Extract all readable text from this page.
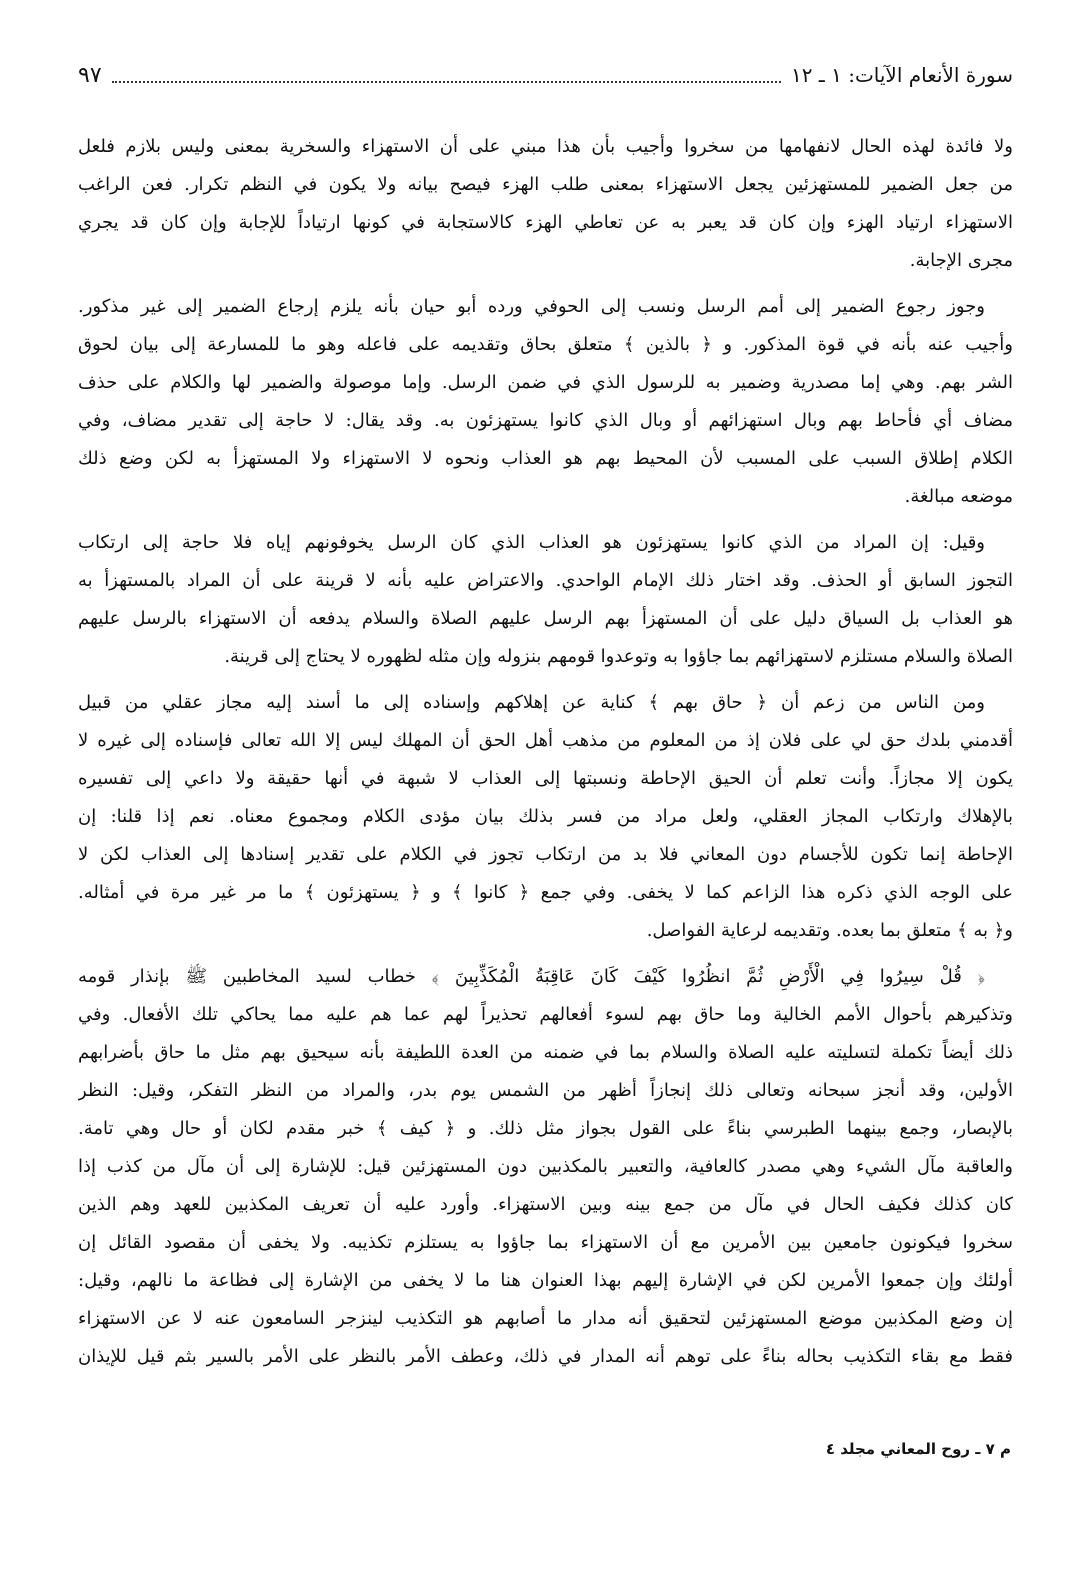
سورة الأنعام الآيات: ١ ـ ١٢
٩٧
ولا فائدة لهذه الحال لانفهامها من سخروا وأجيب بأن هذا مبني على أن الاستهزاء والسخرية بمعنى وليس بلازم فلعل
من جعل الضمير للمستهزئين يجعل الاستهزاء بمعنى طلب الهزء فيصح بيانه ولا يكون في النظم تكرار. فعن الراغب
الاستهزاء ارتياد الهزء وإن كان قد يعبر به عن تعاطي الهزء كالاستجابة في كونها ارتياداً للإجابة وإن كان قد يجري
مجرى الإجابة.
وجوز رجوع الضمير إلى أمم الرسل ونسب إلى الحوفي ورده أبو حيان بأنه يلزم إرجاع الضمير إلى غير مذكور.
وأجيب عنه بأنه في قوة المذكور. و ﴿ بالذين ﴾ متعلق بحاق وتقديمه على فاعله وهو ما للمسارعة إلى بيان لحوق
الشر بهم. وهي إما مصدرية وضمير به للرسول الذي في ضمن الرسل. وإما موصولة والضمير لها والكلام على حذف
مضاف أي فأحاط بهم وبال استهزائهم أو وبال الذي كانوا يستهزئون به. وقد يقال: لا حاجة إلى تقدير مضاف، وفي
الكلام إطلاق السبب على المسبب لأن المحيط بهم هو العذاب ونحوه لا الاستهزاء ولا المستهزأ به لكن وضع ذلك
موضعه مبالغة.
وقيل: إن المراد من الذي كانوا يستهزئون هو العذاب الذي كان الرسل يخوفونهم إياه فلا حاجة إلى ارتكاب
التجوز السابق أو الحذف. وقد اختار ذلك الإمام الواحدي. والاعتراض عليه بأنه لا قرينة على أن المراد بالمستهزأ به
هو العذاب بل السياق دليل على أن المستهزأ بهم الرسل عليهم الصلاة والسلام يدفعه أن الاستهزاء بالرسل عليهم
الصلاة والسلام مستلزم لاستهزائهم بما جاؤوا به وتوعدوا قومهم بنزوله وإن مثله لظهوره لا يحتاج إلى قرينة.
ومن الناس من زعم أن ﴿ حاق بهم ﴾ كناية عن إهلاكهم وإسناده إلى ما أسند إليه مجاز عقلي من قبيل
أقدمني بلدك حق لي على فلان إذ من المعلوم من مذهب أهل الحق أن المهلك ليس إلا الله تعالى فإسناده إلى غيره لا
يكون إلا مجازاً. وأنت تعلم أن الحيق الإحاطة ونسبتها إلى العذاب لا شبهة في أنها حقيقة ولا داعي إلى تفسيره
بالإهلاك وارتكاب المجاز العقلي، ولعل مراد من فسر بذلك بيان مؤدى الكلام ومجموع معناه. نعم إذا قلنا: إن
الإحاطة إنما تكون للأجسام دون المعاني فلا بد من ارتكاب تجوز في الكلام على تقدير إسنادها إلى العذاب لكن لا
على الوجه الذي ذكره هذا الزاعم كما لا يخفى. وفي جمع ﴿ كانوا ﴾ و ﴿ يستهزئون ﴾ ما مر غير مرة في أمثاله.
و﴿ به ﴾ متعلق بما بعده. وتقديمه لرعاية الفواصل.
﴿ قُلْ سِيرُوا فِي الْأَرْضِ ثُمَّ انظُرُوا كَيْفَ كَانَ عَاقِبَةُ الْمُكَذِّبِينَ ﴾ خطاب لسيد المخاطبين ﷺ بإنذار قومه
وتذكيرهم بأحوال الأمم الخالية وما حاق بهم لسوء أفعالهم تحذيراً لهم عما هم عليه مما يحاكي تلك الأفعال. وفي
ذلك أيضاً تكملة لتسليته عليه الصلاة والسلام بما في ضمنه من العدة اللطيفة بأنه سيحيق بهم مثل ما حاق بأضرابهم
الأولين، وقد أنجز سبحانه وتعالى ذلك إنجازاً أظهر من الشمس يوم بدر، والمراد من النظر التفكر، وقيل: النظر
بالإبصار، وجمع بينهما الطبرسي بناءً على القول بجواز مثل ذلك. و ﴿ كيف ﴾ خبر مقدم لكان أو حال وهي تامة.
والعاقبة مآل الشيء وهي مصدر كالعافية، والتعبير بالمكذبين دون المستهزئين قيل: للإشارة إلى أن مآل من كذب إذا
كان كذلك فكيف الحال في مآل من جمع بينه وبين الاستهزاء. وأورد عليه أن تعريف المكذبين للعهد وهم الذين
سخروا فيكونون جامعين بين الأمرين مع أن الاستهزاء بما جاؤوا به يستلزم تكذيبه. ولا يخفى أن مقصود القائل إن
أولئك وإن جمعوا الأمرين لكن في الإشارة إليهم بهذا العنوان هنا ما لا يخفى من الإشارة إلى فظاعة ما نالهم، وقيل:
إن وضع المكذبين موضع المستهزئين لتحقيق أنه مدار ما أصابهم هو التكذيب لينزجر السامعون عنه لا عن الاستهزاء
فقط مع بقاء التكذيب بحاله بناءً على توهم أنه المدار في ذلك، وعطف الأمر بالنظر على الأمر بالسير بثم قيل للإيذان
م ٧ ـ روح المعاني مجلد ٤
